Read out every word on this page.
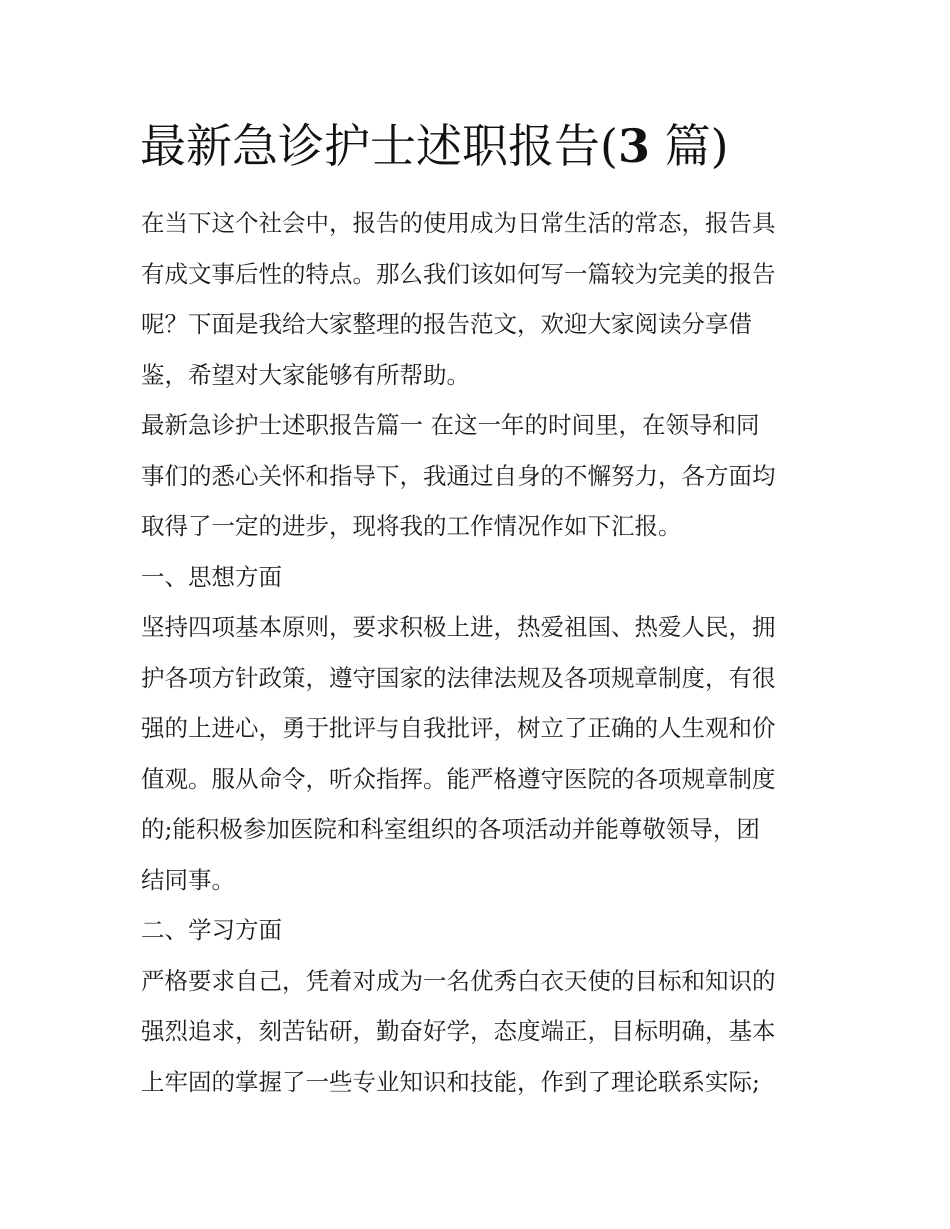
最新急诊护士述职报告(3 篇)
在当下这个社会中，报告的使用成为日常生活的常态，报告具
有成文事后性的特点。那么我们该如何写一篇较为完美的报告
呢？下面是我给大家整理的报告范文，欢迎大家阅读分享借
鉴，希望对大家能够有所帮助。
最新急诊护士述职报告篇一 在这一年的时间里，在领导和同
事们的悉心关怀和指导下，我通过自身的不懈努力，各方面均
取得了一定的进步，现将我的工作情况作如下汇报。
一、思想方面
坚持四项基本原则，要求积极上进，热爱祖国、热爱人民，拥
护各项方针政策，遵守国家的法律法规及各项规章制度，有很
强的上进心，勇于批评与自我批评，树立了正确的人生观和价
值观。服从命令，听众指挥。能严格遵守医院的各项规章制度
的;能积极参加医院和科室组织的各项活动并能尊敬领导，团
结同事。
二、学习方面
严格要求自己，凭着对成为一名优秀白衣天使的目标和知识的
强烈追求，刻苦钻研，勤奋好学，态度端正，目标明确，基本
上牢固的掌握了一些专业知识和技能，作到了理论联系实际;
